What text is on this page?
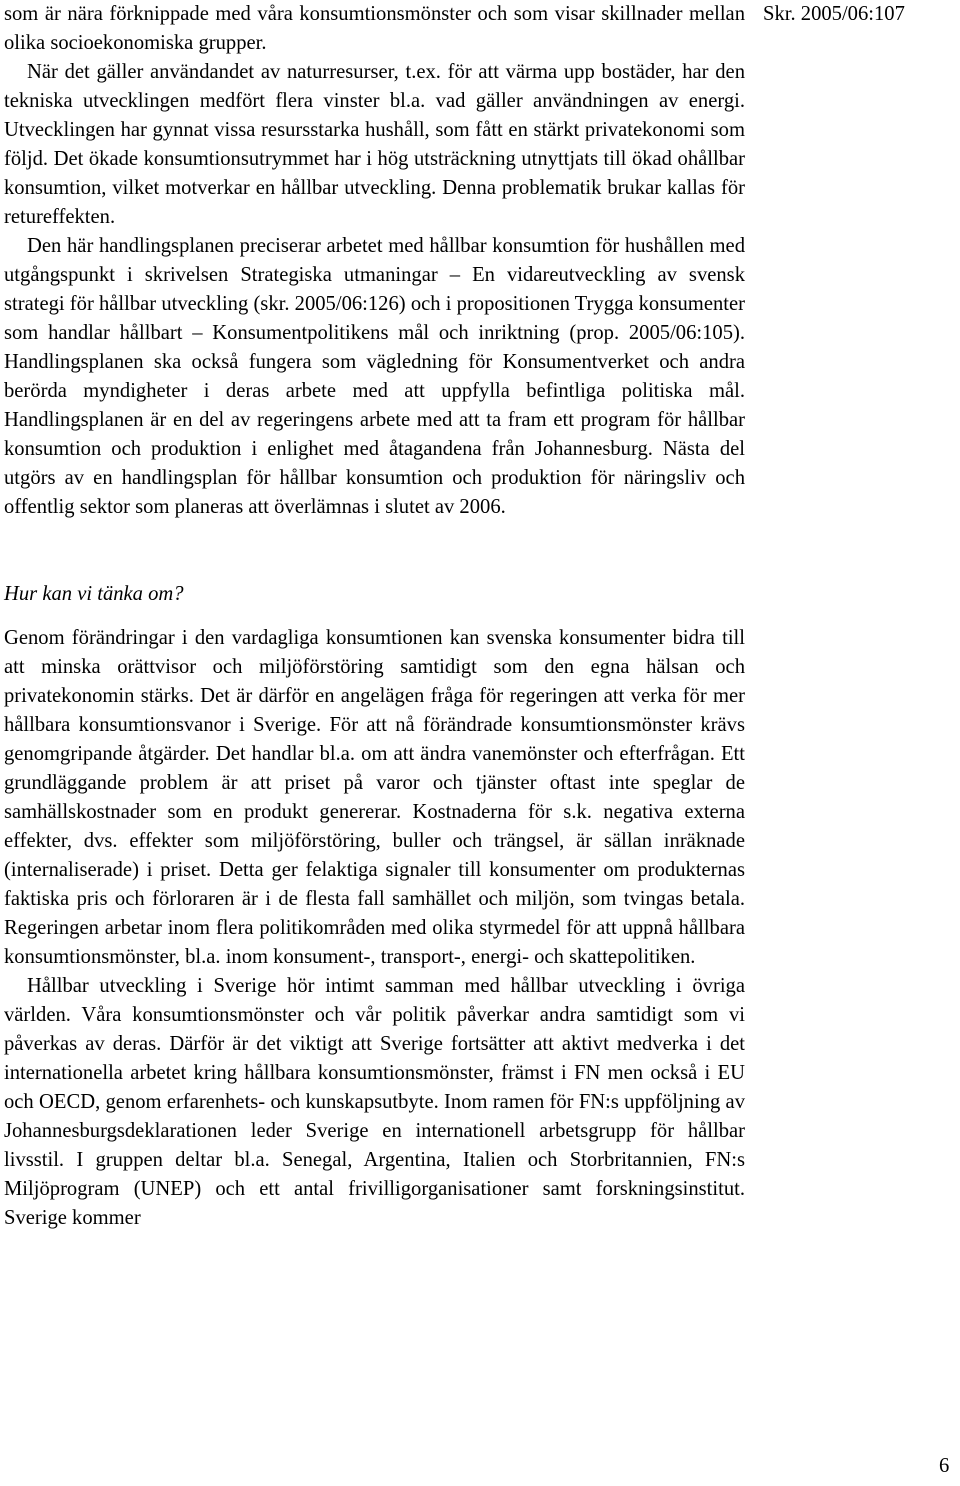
som är nära förknippade med våra konsumtionsmönster och som visar skillnader mellan olika socioekonomiska grupper.

När det gäller användandet av naturresurser, t.ex. för att värma upp bostäder, har den tekniska utvecklingen medfört flera vinster bl.a. vad gäller användningen av energi. Utvecklingen har gynnat vissa resursstarka hushåll, som fått en stärkt privatekonomi som följd. Det ökade konsumtionsutrymmet har i hög utsträckning utnyttjats till ökad ohållbar konsumtion, vilket motverkar en hållbar utveckling. Denna problematik brukar kallas för retureffekten.

Den här handlingsplanen preciserar arbetet med hållbar konsumtion för hushållen med utgångspunkt i skrivelsen Strategiska utmaningar – En vidareutveckling av svensk strategi för hållbar utveckling (skr. 2005/06:126) och i propositionen Trygga konsumenter som handlar hållbart – Konsumentpolitikens mål och inriktning (prop. 2005/06:105). Handlingsplanen ska också fungera som vägledning för Konsumentverket och andra berörda myndigheter i deras arbete med att uppfylla befintliga politiska mål. Handlingsplanen är en del av regeringens arbete med att ta fram ett program för hållbar konsumtion och produktion i enlighet med åtagandena från Johannesburg. Nästa del utgörs av en handlingsplan för hållbar konsumtion och produktion för näringsliv och offentlig sektor som planeras att överlämnas i slutet av 2006.

Hur kan vi tänka om?

Genom förändringar i den vardagliga konsumtionen kan svenska konsumenter bidra till att minska orättvisor och miljöförstöring samtidigt som den egna hälsan och privatekonomin stärks. Det är därför en angelägen fråga för regeringen att verka för mer hållbara konsumtionsvanor i Sverige. För att nå förändrade konsumtionsmönster krävs genomgripande åtgärder. Det handlar bl.a. om att ändra vanemönster och efterfrågan. Ett grundläggande problem är att priset på varor och tjänster oftast inte speglar de samhällskostnader som en produkt genererar. Kostnaderna för s.k. negativa externa effekter, dvs. effekter som miljöförstöring, buller och trängsel, är sällan inräknade (internaliserade) i priset. Detta ger felaktiga signaler till konsumenter om produkternas faktiska pris och förloraren är i de flesta fall samhället och miljön, som tvingas betala. Regeringen arbetar inom flera politikområden med olika styrmedel för att uppnå hållbara konsumtionsmönster, bl.a. inom konsument-, transport-, energi- och skattepolitiken.

Hållbar utveckling i Sverige hör intimt samman med hållbar utveckling i övriga världen. Våra konsumtionsmönster och vår politik påverkar andra samtidigt som vi påverkas av deras. Därför är det viktigt att Sverige fortsätter att aktivt medverka i det internationella arbetet kring hållbara konsumtionsmönster, främst i FN men också i EU och OECD, genom erfarenhets- och kunskapsutbyte. Inom ramen för FN:s uppföljning av Johannesburgsdeklarationen leder Sverige en internationell arbetsgrupp för hållbar livsstil. I gruppen deltar bl.a. Senegal, Argentina, Italien och Storbritannien, FN:s Miljöprogram (UNEP) och ett antal frivilligorganisationer samt forskningsinstitut. Sverige kommer

Skr. 2005/06:107
6
